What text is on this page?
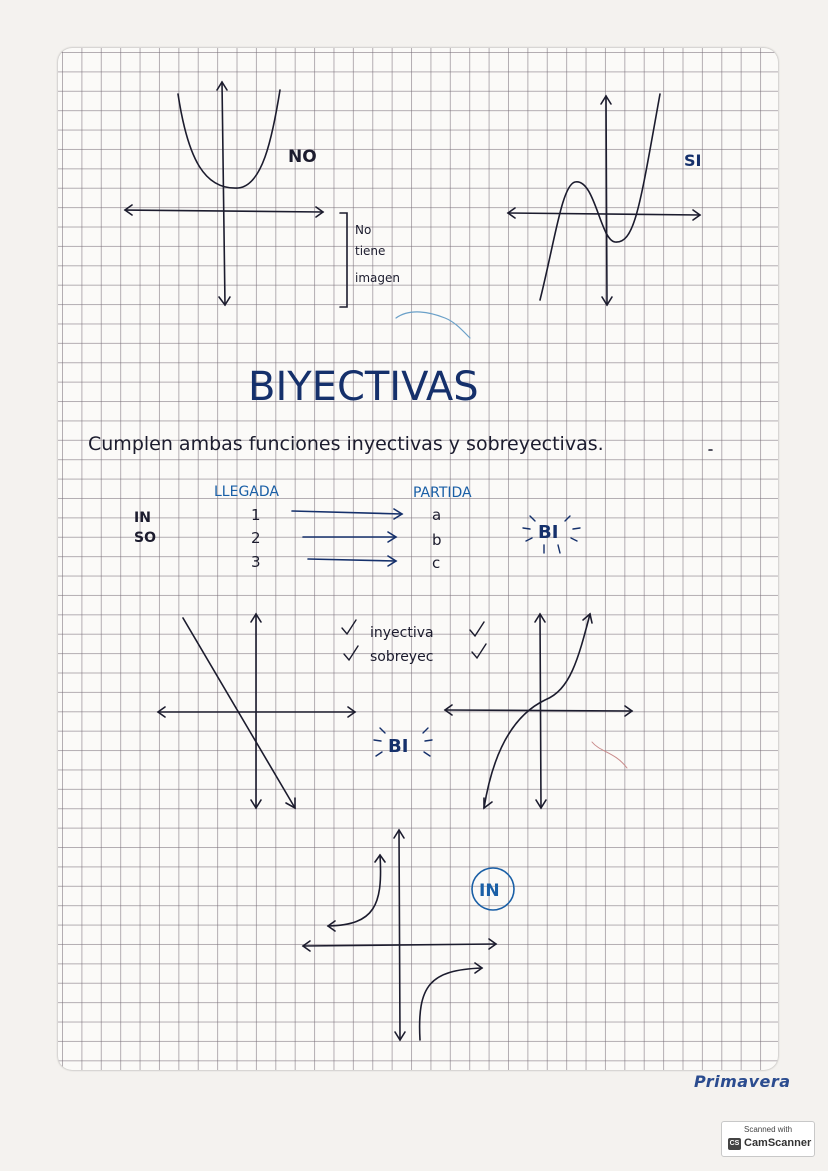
NO
No
tiene
imagen
SI
BIYECTIVAS
Cumplen ambas funciones inyectivas y sobreyectivas.
IN
SO
LLEGADA	PARTIDA
1
2
3
a
b
c
BI
inyectiva
sobreyec
BI
IN
Primavera
Scanned with
CS CamScanner
